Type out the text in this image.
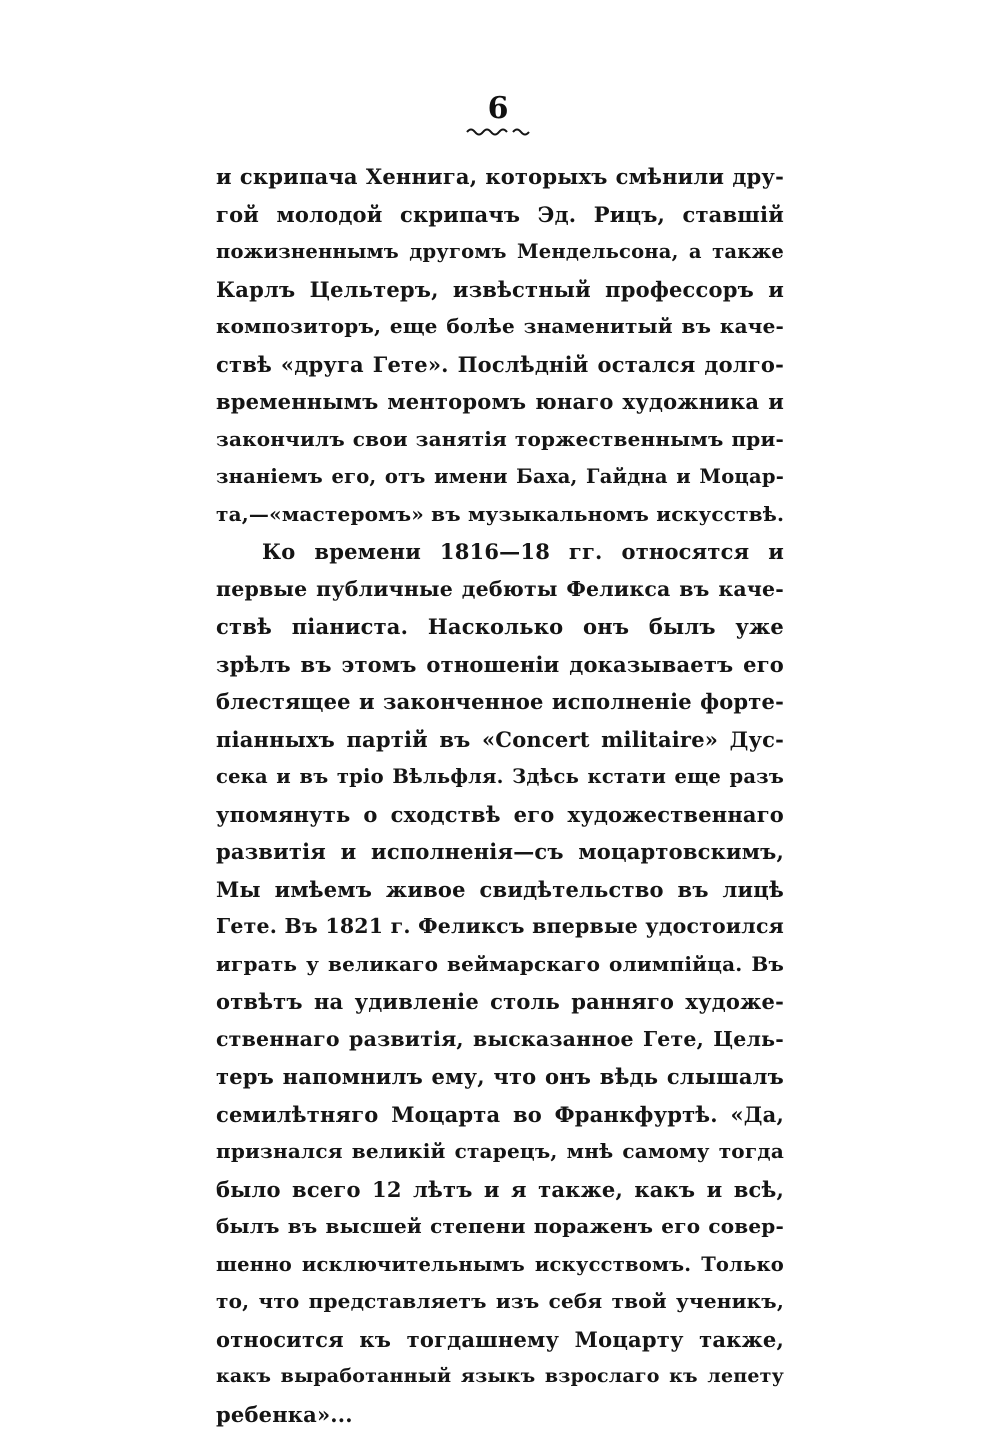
6
и скрипача Хеннига, которыхъ смѣнили дру-
гой молодой скрипачъ Эд. Рицъ, ставшій
пожизненнымъ другомъ Мендельсона, а также
Карлъ Цельтеръ, извѣстный профессоръ и
композиторъ, еще болѣе знаменитый въ каче-
ствѣ «друга Гете». Послѣдній остался долго-
временнымъ менторомъ юнаго художника и
закончилъ свои занятія торжественнымъ при-
знаніемъ его, отъ имени Баха, Гайдна и Моцар-
та,—«мастеромъ» въ музыкальномъ искусствѣ.
Ко времени 1816—18 гг. относятся и
первые публичные дебюты Феликса въ каче-
ствѣ піаниста. Насколько онъ былъ уже
зрѣлъ въ этомъ отношеніи доказываетъ его
блестящее и законченное исполненіе форте-
піанныхъ партій въ «Concert militaire» Дус-
сека и въ тріо Вѣльфля. Здѣсь кстати еще разъ
упомянуть о сходствѣ его художественнаго
развитія и исполненія—съ моцартовскимъ,
Мы имѣемъ живое свидѣтельство въ лицѣ
Гете. Въ 1821 г. Феликсъ впервые удостоился
играть у великаго веймарскаго олимпійца. Въ
отвѣтъ на удивленіе столь ранняго художе-
ственнаго развитія, высказанное Гете, Цель-
теръ напомнилъ ему, что онъ вѣдь слышалъ
семилѣтняго Моцарта во Франкфуртѣ. «Да,
признался великій старецъ, мнѣ самому тогда
было всего 12 лѣтъ и я также, какъ и всѣ,
былъ въ высшей степени пораженъ его совер-
шенно исключительнымъ искусствомъ. Только
то, что представляетъ изъ себя твой ученикъ,
относится къ тогдашнему Моцарту также,
какъ выработанный языкъ взрослаго къ лепету
ребенка»...
